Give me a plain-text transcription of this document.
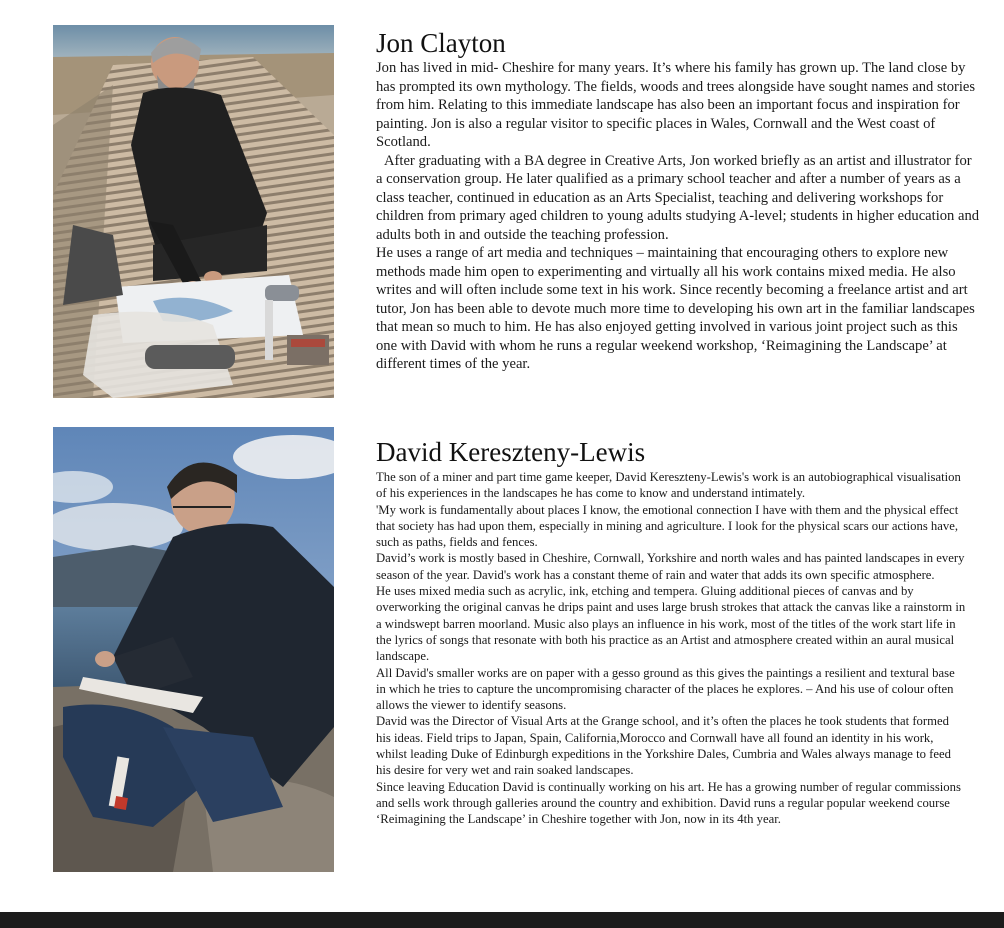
Jon Clayton

Jon has lived in mid- Cheshire for many years. It’s where his family has grown up. The land close by has prompted its own mythology. The fields, woods and trees alongside have sought names and stories from him. Relating to this immediate landscape has also been an important focus and inspiration for painting. Jon is also a regular visitor to specific places in Wales, Cornwall and the West coast of Scotland.

After graduating with a BA degree in Creative Arts, Jon worked briefly as an artist and illustrator for a conservation group. He later qualified as a primary school teacher and after a number of years as a class teacher, continued in education as an Arts Specialist, teaching and delivering workshops for children from primary aged children to young adults studying A-level; students in higher education and adults both in and outside the teaching profession.

He uses a range of art media and techniques – maintaining that encouraging others to explore new methods made him open to experimenting and virtually all his work contains mixed media. He also writes and will often include some text in his work. Since recently becoming a freelance artist and art tutor, Jon has been able to devote much more time to developing his own art in the familiar landscapes that mean so much to him. He has also enjoyed getting involved in various joint project such as this one with David with whom he runs a regular weekend workshop, ‘Reimagining the Landscape’ at different times of the year.

David Kereszteny-Lewis

The son of a miner and part time game keeper, David Kereszteny-Lewis's work is an autobiographical visualisation of his experiences in the landscapes he has come to know and understand intimately.

'My work is fundamentally about places I know, the emotional connection I have with them and the physical effect that society has had upon them, especially in mining and agriculture. I look for the physical scars our actions have, such as paths, fields and fences.

David’s work is mostly based in Cheshire, Cornwall, Yorkshire and north wales and has painted landscapes in every season of the year. David's work has a constant theme of rain and water that adds its own specific atmosphere.

He uses mixed media such as acrylic, ink, etching and tempera. Gluing additional pieces of canvas and by overworking the original canvas he drips paint and uses large brush strokes that attack the canvas like a rainstorm in a windswept barren moorland. Music also plays an influence in his work, most of the titles of the work start life in the lyrics of songs that resonate with both his practice as an Artist and atmosphere created within an aural musical landscape.

All David's smaller works are on paper with a gesso ground as this gives the paintings a resilient and textural base in which he tries to capture the uncompromising character of the places he explores. – And his use of colour often allows the viewer to identify seasons.

David was the Director of Visual Arts at the Grange school, and it’s often the places he took students that formed his ideas. Field trips to Japan, Spain, California,Morocco and Cornwall have all found an identity in his work, whilst leading Duke of Edinburgh expeditions in the Yorkshire Dales, Cumbria and Wales always manage to feed his desire for very wet and rain soaked landscapes.

Since leaving Education David is continually working on his art. He has a growing number of regular commissions and sells work through galleries around the country and exhibition. David runs a regular popular weekend course ‘Reimagining the Landscape’ in Cheshire together with Jon, now in its 4th year.
